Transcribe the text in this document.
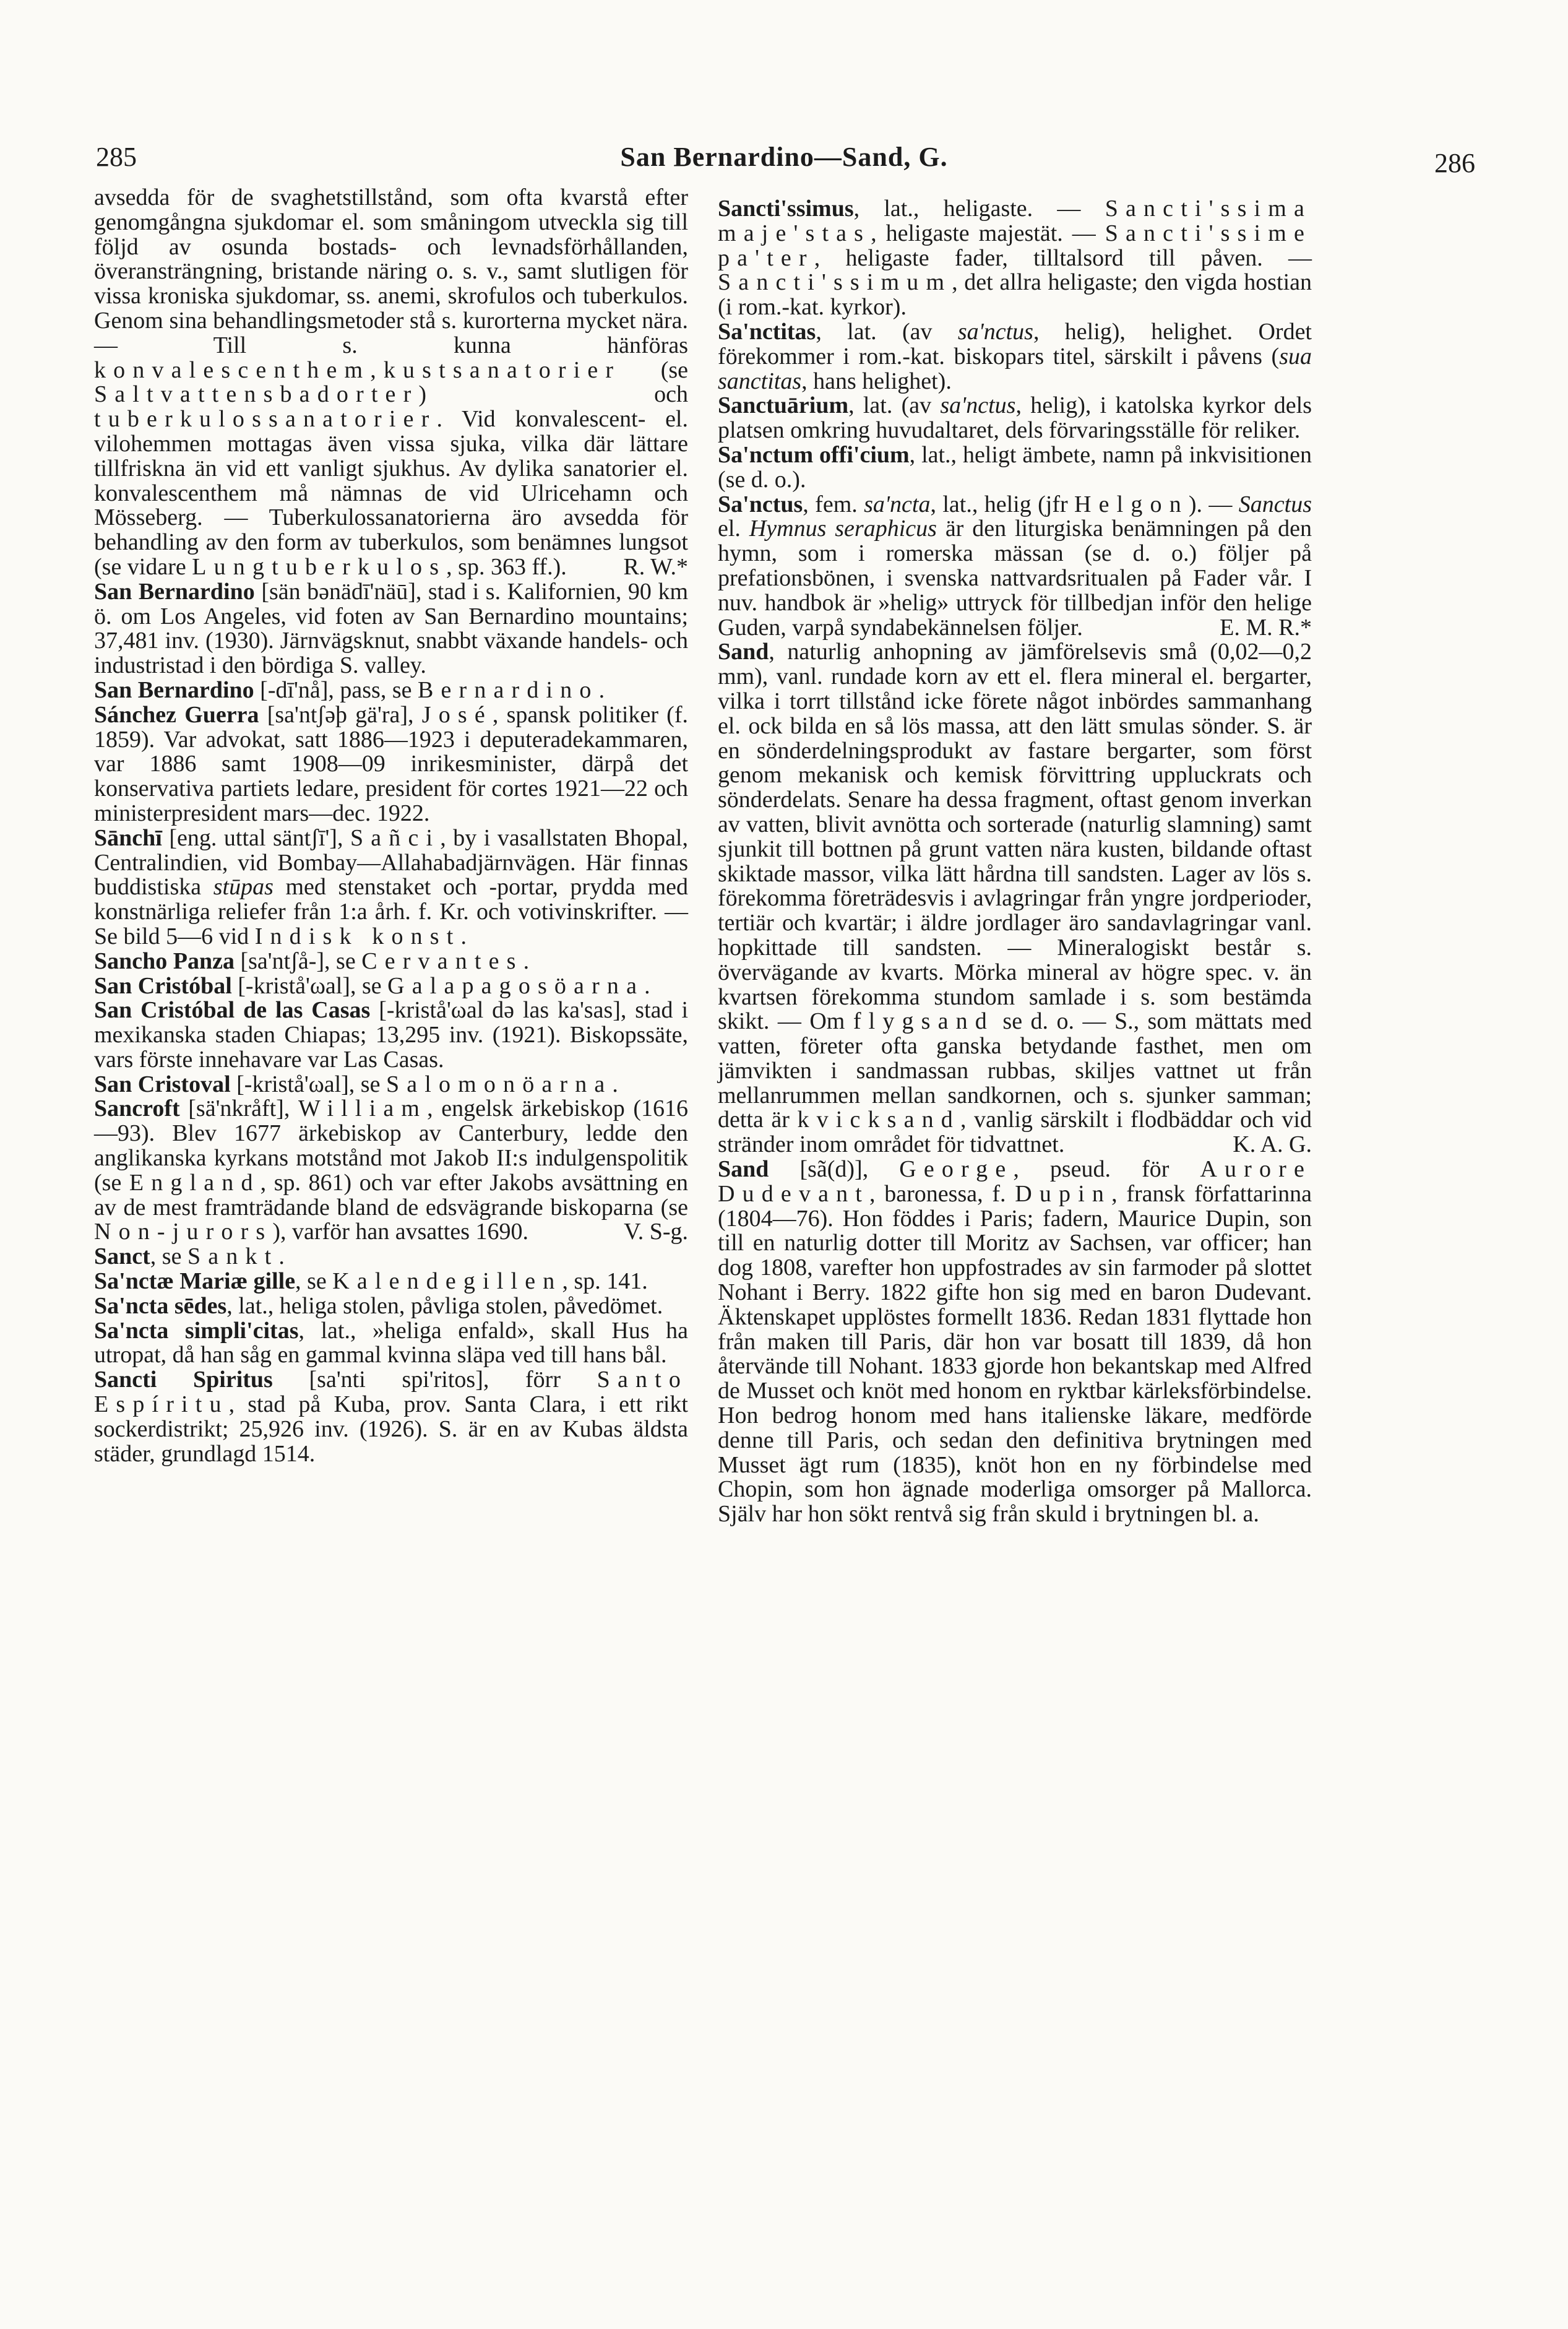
285	San Bernardino—Sand, G.	286

avsedda för de svaghetstillstånd, som ofta kvarstå efter genomgångna sjukdomar el. som småningom utveckla sig till följd av osunda bostads- och levnadsförhållanden, överansträngning, bristande näring o. s. v., samt slutligen för vissa kroniska sjukdomar, ss. anemi, skrofulos och tuberkulos. Genom sina behandlingsmetoder stå s. kurorterna mycket nära. — Till s. kunna hänföras konvalescenthem,kustsanatorier (se Saltvattensbadorter) och tuberkulossanatorier. Vid konvalescent- el. vilohemmen mottagas även vissa sjuka, vilka där lättare tillfriskna än vid ett vanligt sjukhus. Av dylika sanatorier el. konvalescenthem må nämnas de vid Ulricehamn och Mösseberg. — Tuberkulossanatorierna äro avsedda för behandling av den form av tuberkulos, som benämnes lungsot (se vidare Lungtuberkulos, sp. 363 ff.). R. W.*

San Bernardino [sän bənädī'näū], stad i s. Kalifornien, 90 km ö. om Los Angeles, vid foten av San Bernardino mountains; 37,481 inv. (1930). Järnvägsknut, snabbt växande handels- och industristad i den bördiga S. valley.

San Bernardino [-dī'nå], pass, se Bernardino.

Sánchez Guerra [sa'ntʃəþ gä'ra], José, spansk politiker (f. 1859). Var advokat, satt 1886—1923 i deputeradekammaren, var 1886 samt 1908—09 inrikesminister, därpå det konservativa partiets ledare, president för cortes 1921—22 och ministerpresident mars—dec. 1922.

Sānchī [eng. uttal säntʃī'], Sañci, by i vasallstaten Bhopal, Centralindien, vid Bombay—Allahabadjärnvägen. Här finnas buddistiska stūpas med stenstaket och -portar, prydda med konstnärliga reliefer från 1:a årh. f. Kr. och votivinskrifter. — Se bild 5—6 vid Indisk konst.

Sancho Panza [sa'ntʃå-], se Cervantes.

San Cristóbal [-kristå'ωal], se Galapagosöarna.

San Cristóbal de las Casas [-kristå'ωal də las ka'sas], stad i mexikanska staden Chiapas; 13,295 inv. (1921). Biskopssäte, vars förste innehavare var Las Casas.

San Cristoval [-kristå'ωal], se Salomonöarna.

Sancroft [sä'nkråft], William, engelsk ärkebiskop (1616—93). Blev 1677 ärkebiskop av Canterbury, ledde den anglikanska kyrkans motstånd mot Jakob II:s indulgenspolitik (se England, sp. 861) och var efter Jakobs avsättning en av de mest framträdande bland de edsvägrande biskoparna (se Non-jurors), varför han avsattes 1690.	V. S-g.

Sanct, se Sankt.

Sa'nctæ Mariæ gille, se Kalendegillen, sp. 141.

Sa'ncta sēdes, lat., heliga stolen, påvliga stolen, påvedömet.

Sa'ncta simpli'citas, lat., »heliga enfald», skall Hus ha utropat, då han såg en gammal kvinna släpa ved till hans bål.

Sancti Spiritus [sa'nti spi'ritos], förr Santo Espíritu, stad på Kuba, prov. Santa Clara, i ett rikt sockerdistrikt; 25,926 inv. (1926). S. är en av Kubas äldsta städer, grundlagd 1514.

Sancti'ssimus, lat., heligaste. — Sancti'ssima maje'stas, heligaste majestät. — Sancti'ssime pa'ter, heligaste fader, tilltalsord till påven. — Sancti'ssimum, det allra heligaste; den vigda hostian (i rom.-kat. kyrkor).

Sa'nctitas, lat. (av sa'nctus, helig), helighet. Ordet förekommer i rom.-kat. biskopars titel, särskilt i påvens (sua sanctitas, hans helighet).

Sanctuārium, lat. (av sa'nctus, helig), i katolska kyrkor dels platsen omkring huvudaltaret, dels förvaringsställe för reliker.

Sa'nctum offi'cium, lat., heligt ämbete, namn på inkvisitionen (se d. o.).

Sa'nctus, fem. sa'ncta, lat., helig (jfr Helgon). — Sanctus el. Hymnus seraphicus är den liturgiska benämningen på den hymn, som i romerska mässan (se d. o.) följer på prefationsbönen, i svenska nattvardsritualen på Fader vår. I nuv. handbok är »helig» uttryck för tillbedjan inför den helige Guden, varpå syndabekännelsen följer.	E. M. R.*

Sand, naturlig anhopning av jämförelsevis små (0,02—0,2 mm), vanl. rundade korn av ett el. flera mineral el. bergarter, vilka i torrt tillstånd icke förete något inbördes sammanhang el. ock bilda en så lös massa, att den lätt smulas sönder. S. är en sönderdelningsprodukt av fastare bergarter, som först genom mekanisk och kemisk förvittring uppluckrats och sönderdelats. Senare ha dessa fragment, oftast genom inverkan av vatten, blivit avnötta och sorterade (naturlig slamning) samt sjunkit till bottnen på grunt vatten nära kusten, bildande oftast skiktade massor, vilka lätt hårdna till sandsten. Lager av lös s. förekomma företrädesvis i avlagringar från yngre jordperioder, tertiär och kvartär; i äldre jordlager äro sandavlagringar vanl. hopkittade till sandsten. — Mineralogiskt består s. övervägande av kvarts. Mörka mineral av högre spec. v. än kvartsen förekomma stundom samlade i s. som bestämda skikt. — Om flygsand se d. o. — S., som mättats med vatten, företer ofta ganska betydande fasthet, men om jämvikten i sandmassan rubbas, skiljes vattnet ut från mellanrummen mellan sandkornen, och s. sjunker samman; detta är kvicksand, vanlig särskilt i flodbäddar och vid stränder inom området för tidvattnet.	K. A. G.

Sand [sã(d)], George, pseud. för Aurore Dudevant, baronessa, f. Dupin, fransk författarinna (1804—76). Hon föddes i Paris; fadern, Maurice Dupin, son till en naturlig dotter till Moritz av Sachsen, var officer; han dog 1808, varefter hon uppfostrades av sin farmoder på slottet Nohant i Berry. 1822 gifte hon sig med en baron Dudevant. Äktenskapet upplöstes formellt 1836. Redan 1831 flyttade hon från maken till Paris, där hon var bosatt till 1839, då hon återvände till Nohant. 1833 gjorde hon bekantskap med Alfred de Musset och knöt med honom en ryktbar kärleksförbindelse. Hon bedrog honom med hans italienske läkare, medförde denne till Paris, och sedan den definitiva brytningen med Musset ägt rum (1835), knöt hon en ny förbindelse med Chopin, som hon ägnade moderliga omsorger på Mallorca. Själv har hon sökt rentvå sig från skuld i brytningen bl. a.
